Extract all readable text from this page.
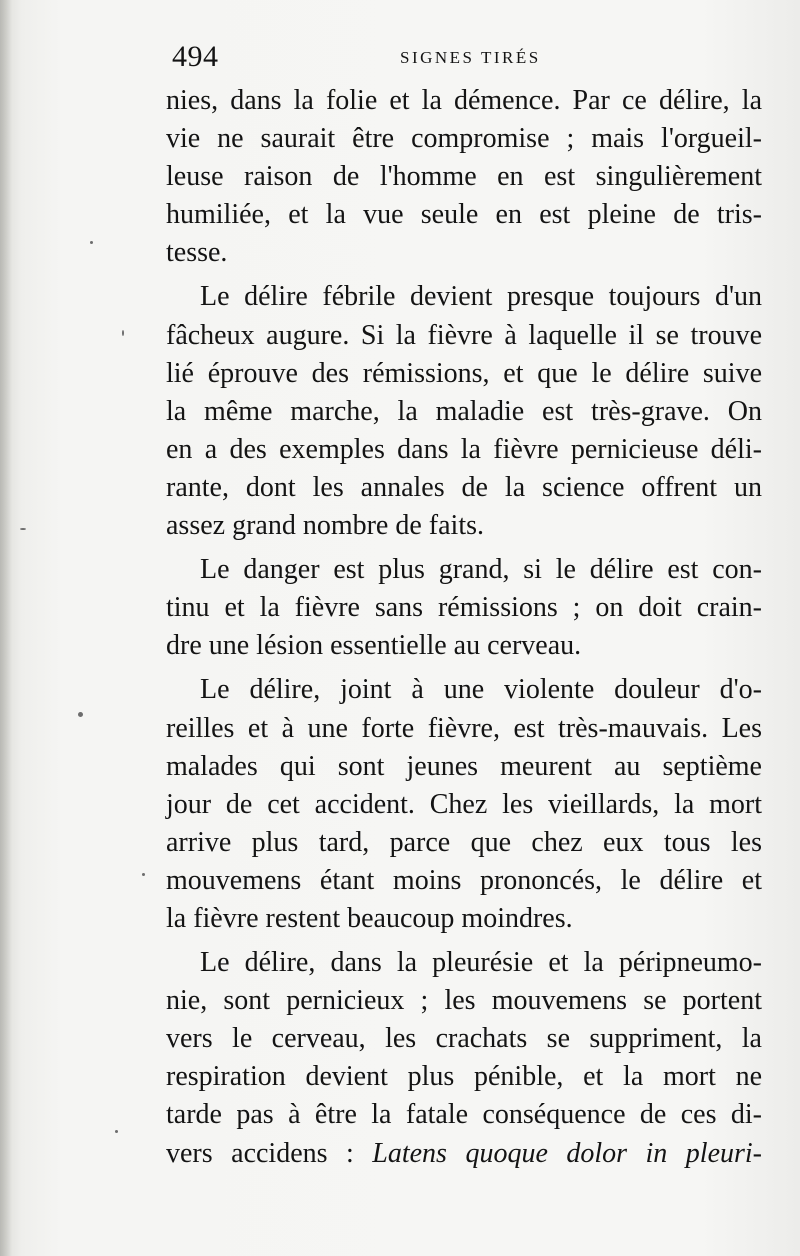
494	SIGNES TIRÉS
nies, dans la folie et la démence. Par ce délire, la
vie ne saurait être compromise ; mais l'orgueil-
leuse raison de l'homme en est singulièrement
humiliée, et la vue seule en est pleine de tris-
tesse.
Le délire fébrile devient presque toujours d'un
fâcheux augure. Si la fièvre à laquelle il se trouve
lié éprouve des rémissions, et que le délire suive
la même marche, la maladie est très-grave. On
en a des exemples dans la fièvre pernicieuse déli-
rante, dont les annales de la science offrent un
assez grand nombre de faits.
Le danger est plus grand, si le délire est con-
tinu et la fièvre sans rémissions ; on doit crain-
dre une lésion essentielle au cerveau.
Le délire, joint à une violente douleur d'o-
reilles et à une forte fièvre, est très-mauvais. Les
malades qui sont jeunes meurent au septième
jour de cet accident. Chez les vieillards, la mort
arrive plus tard, parce que chez eux tous les
mouvemens étant moins prononcés, le délire et
la fièvre restent beaucoup moindres.
Le délire, dans la pleurésie et la péripneumo-
nie, sont pernicieux ; les mouvemens se portent
vers le cerveau, les crachats se suppriment, la
respiration devient plus pénible, et la mort ne
tarde pas à être la fatale conséquence de ces di-
vers accidens : Latens quoque dolor in pleuri-
